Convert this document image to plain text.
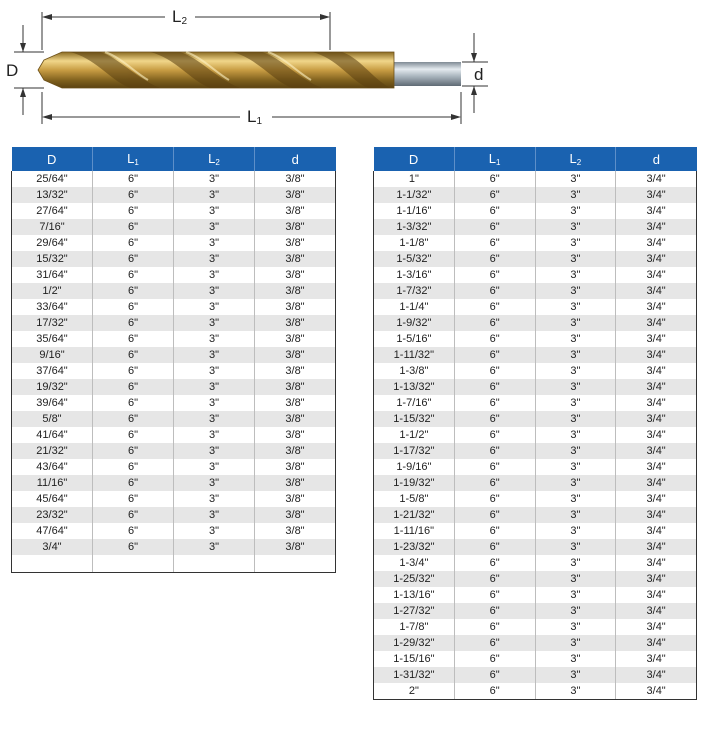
$L_2$
$L_1$
D	d
D	$L_1$	$L_2$	d
25/64"	6"	3"	3/8"
13/32"	6"	3"	3/8"
27/64"	6"	3"	3/8"
7/16"	6"	3"	3/8"
29/64"	6"	3"	3/8"
15/32"	6"	3"	3/8"
31/64"	6"	3"	3/8"
1/2"	6"	3"	3/8"
33/64"	6"	3"	3/8"
17/32"	6"	3"	3/8"
35/64"	6"	3"	3/8"
9/16"	6"	3"	3/8"
37/64"	6"	3"	3/8"
19/32"	6"	3"	3/8"
39/64"	6"	3"	3/8"
5/8"	6"	3"	3/8"
41/64"	6"	3"	3/8"
21/32"	6"	3"	3/8"
43/64"	6"	3"	3/8"
11/16"	6"	3"	3/8"
45/64"	6"	3"	3/8"
23/32"	6"	3"	3/8"
47/64"	6"	3"	3/8"
3/4"	6"	3"	3/8"

D	$L_1$	$L_2$	d
1"	6"	3"	3/4"
1-1/32"	6"	3"	3/4"
1-1/16"	6"	3"	3/4"
1-3/32"	6"	3"	3/4"
1-1/8"	6"	3"	3/4"
1-5/32"	6"	3"	3/4"
1-3/16"	6"	3"	3/4"
1-7/32"	6"	3"	3/4"
1-1/4"	6"	3"	3/4"
1-9/32"	6"	3"	3/4"
1-5/16"	6"	3"	3/4"
1-11/32"	6"	3"	3/4"
1-3/8"	6"	3"	3/4"
1-13/32"	6"	3"	3/4"
1-7/16"	6"	3"	3/4"
1-15/32"	6"	3"	3/4"
1-1/2"	6"	3"	3/4"
1-17/32"	6"	3"	3/4"
1-9/16"	6"	3"	3/4"
1-19/32"	6"	3"	3/4"
1-5/8"	6"	3"	3/4"
1-21/32"	6"	3"	3/4"
1-11/16"	6"	3"	3/4"
1-23/32"	6"	3"	3/4"
1-3/4"	6"	3"	3/4"
1-25/32"	6"	3"	3/4"
1-13/16"	6"	3"	3/4"
1-27/32"	6"	3"	3/4"
1-7/8"	6"	3"	3/4"
1-29/32"	6"	3"	3/4"
1-15/16"	6"	3"	3/4"
1-31/32"	6"	3"	3/4"
2"	6"	3"	3/4"
